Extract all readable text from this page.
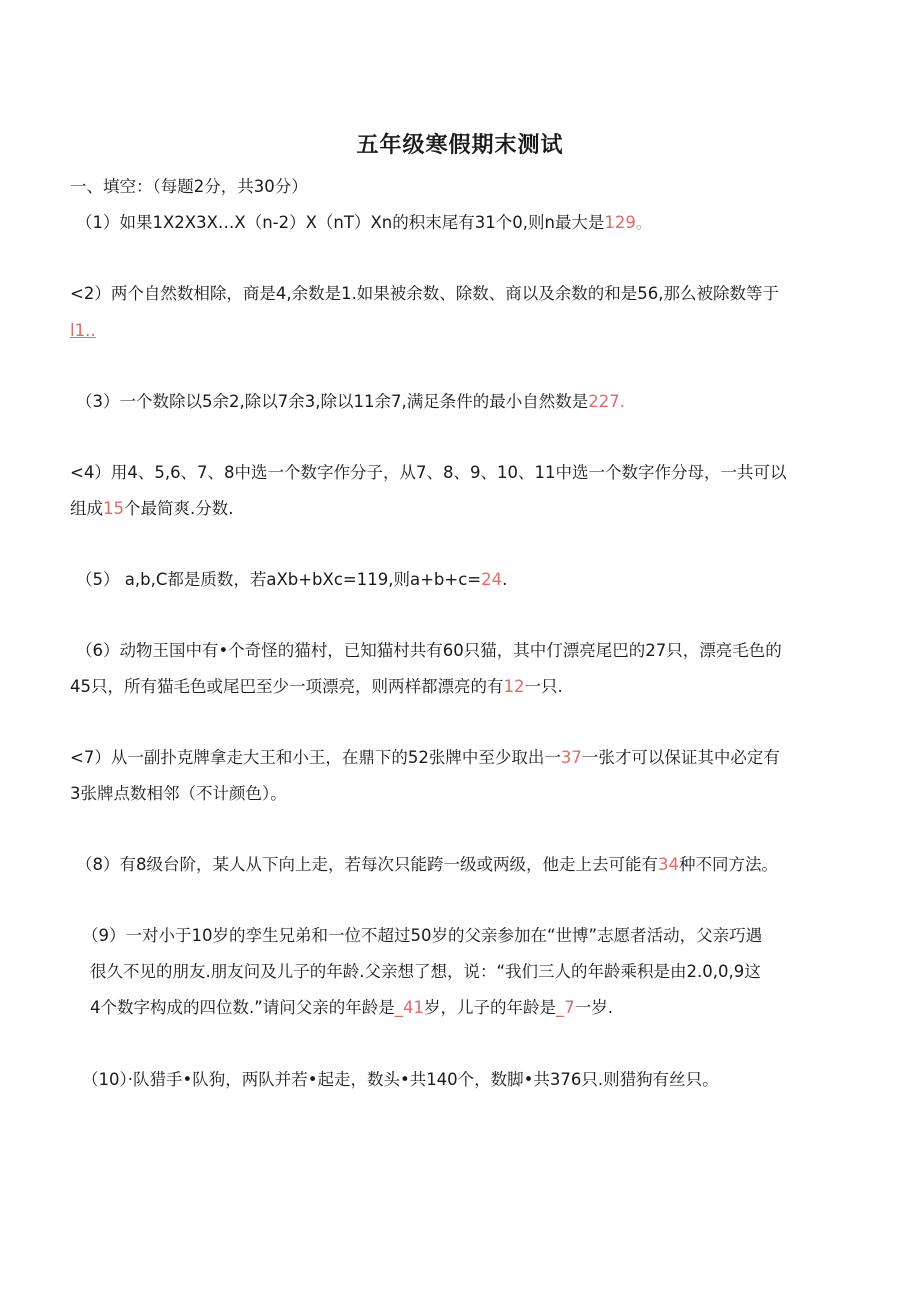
五年级寒假期末测试
一、填空：（每题2分，共30分）
（1）如果1X2X3X…X（n-2）X（nT）Xn的积末尾有31个0,则n最大是129。
<2）两个自然数相除，商是4,余数是1.如果被余数、除数、商以及余数的和是56,那么被除数等于
l1..
（3）一个数除以5余2,除以7余3,除以11余7,满足条件的最小自然数是227.
<4）用4、5,6、7、8中选一个数字作分子，从7、8、9、10、11中选一个数字作分母，一共可以
组成15个最简爽.分数.
（5） a,b,C都是质数，若aXb+bXc=119,则a+b+c=24.
（6）动物王国中有•个奇怪的猫村，已知猫村共有60只猫，其中仃漂亮尾巴的27只，漂亮毛色的
45只，所有猫毛色或尾巴至少一项漂亮，则两样都漂亮的有12一只.
<7）从一副扑克牌拿走大王和小王，在鼎下的52张牌中至少取出一37一张才可以保证其中必定有
3张牌点数相邻（不计颜色）。
（8）有8级台阶，某人从下向上走，若每次只能跨一级或两级，他走上去可能有34种不同方法。
（9）一对小于10岁的孪生兄弟和一位不超过50岁的父亲参加在“世博”志愿者活动，父亲巧遇
很久不见的朋友.朋友问及儿子的年龄.父亲想了想，说：“我们三人的年龄乘积是由2.0,0,9这
4个数字构成的四位数.”请问父亲的年龄是_41岁，儿子的年龄是_7一岁.
（10）·队猎手•队狗，两队并若•起走，数头•共140个，数脚•共376只.则猎狗有丝只。
